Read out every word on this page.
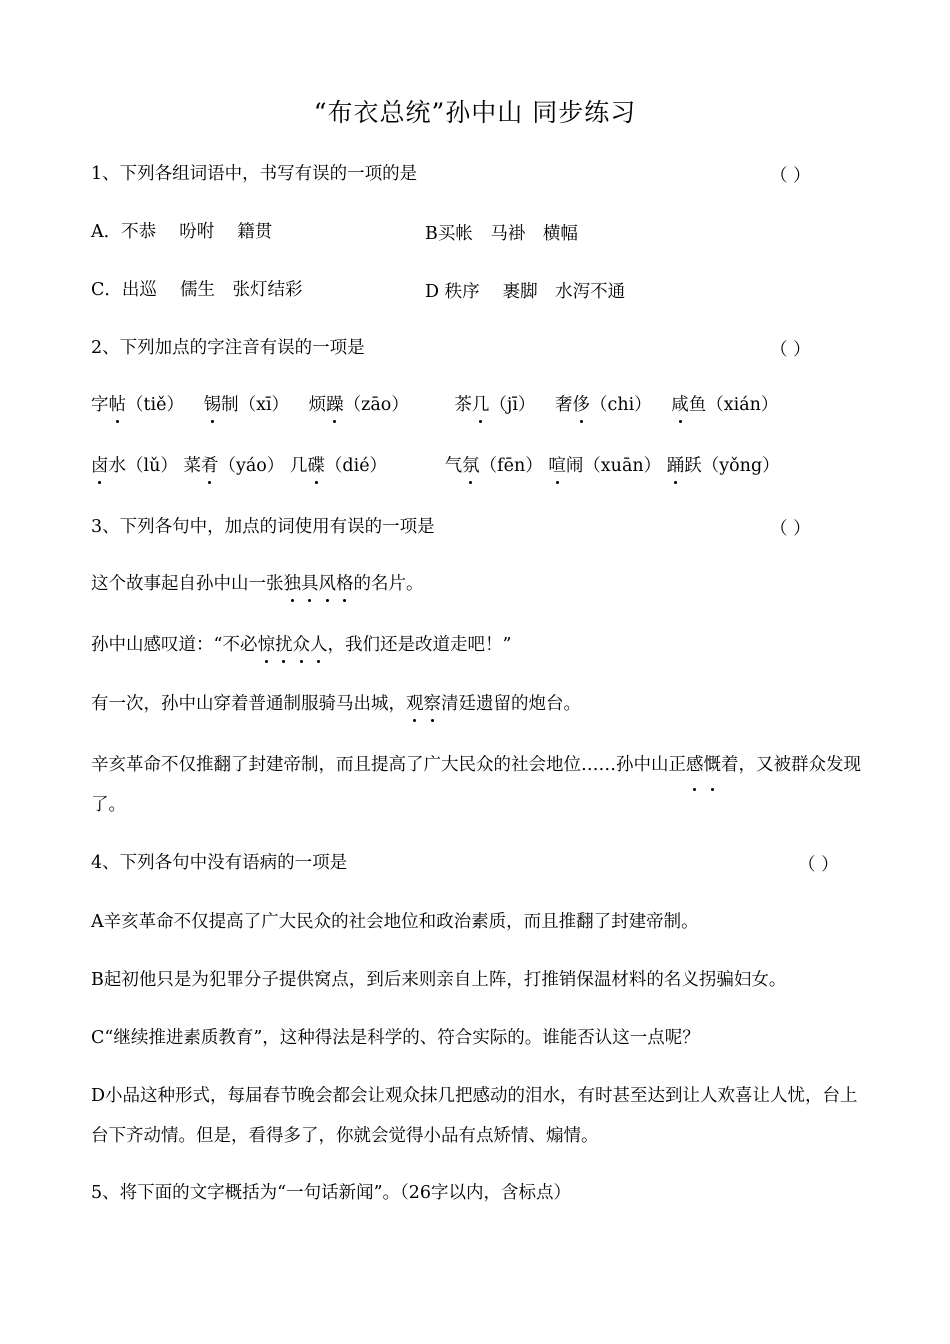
“布衣总统”孙中山 同步练习
1、下列各组词语中，书写有误的一项的是	（ ）
A．不恭　 吩咐　 籍贯	B买帐　马褂　横幅
C．出巡　 儒生　张灯结彩	D 秩序　 裹脚　水泻不通
2、下列加点的字注音有误的一项是	（ ）
字帖（tiě） 锡制（xī） 烦躁（zāo）	茶几（jī） 奢侈（chi） 咸鱼（xián）
卤水（lǔ） 菜肴（yáo） 几碟（dié）	气氛（fēn） 喧闹（xuān） 踊跃（yǒng）
3、下列各句中，加点的词使用有误的一项是	（ ）
这个故事起自孙中山一张独具风格的名片。
孙中山感叹道：“不必惊扰众人，我们还是改道走吧！”
有一次，孙中山穿着普通制服骑马出城，观察清廷遗留的炮台。
辛亥革命不仅推翻了封建帝制，而且提高了广大民众的社会地位……孙中山正感慨着，又被群众发现了。
4、下列各句中没有语病的一项是	（ ）
A辛亥革命不仅提高了广大民众的社会地位和政治素质，而且推翻了封建帝制。
B起初他只是为犯罪分子提供窝点，到后来则亲自上阵，打推销保温材料的名义拐骗妇女。
C“继续推进素质教育”，这种得法是科学的、符合实际的。谁能否认这一点呢？
D小品这种形式，每届春节晚会都会让观众抹几把感动的泪水，有时甚至达到让人欢喜让人忧，台上台下齐动情。但是，看得多了，你就会觉得小品有点矫情、煽情。
5、将下面的文字概括为“一句话新闻”。（26字以内，含标点）
